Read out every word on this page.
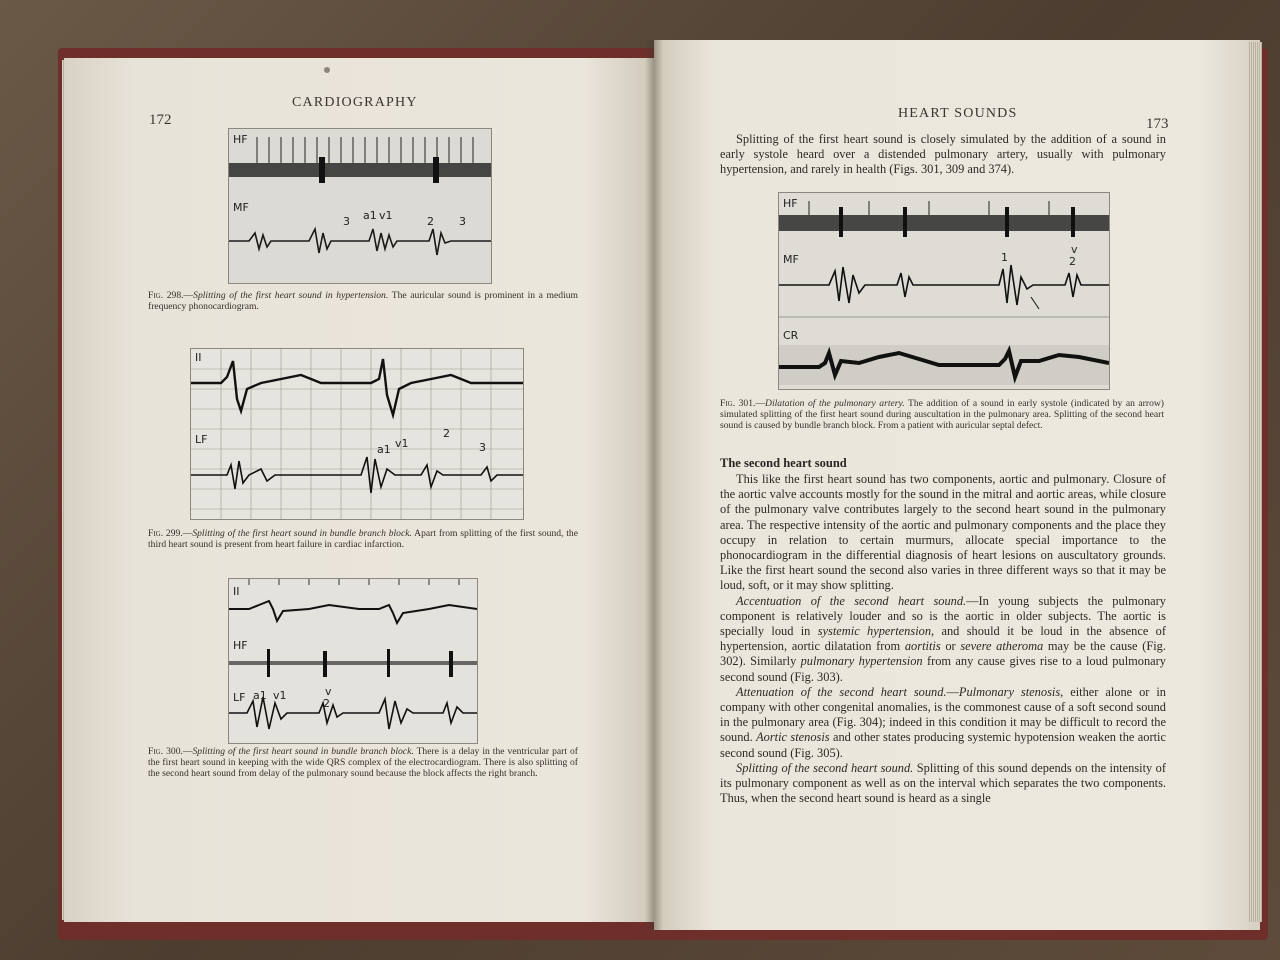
172
CARDIOGRAPHY
HF
MF
3 a1 v1	2 3
Fig. 298.—Splitting of the first heart sound in hypertension. The auricular sound is prominent in a medium frequency phonocardiogram.
II
LF
a1 v1
2
3
Fig. 299.—Splitting of the first heart sound in bundle branch block. Apart from splitting of the first sound, the third heart sound is present from heart failure in cardiac infarction.
II
HF
LF a1 v1	v
2
Fig. 300.—Splitting of the first heart sound in bundle branch block. There is a delay in the ventricular part of the first heart sound in keeping with the wide QRS complex of the electrocardiogram. There is also splitting of the second heart sound from delay of the pulmonary sound because the block affects the right branch.
HEART SOUNDS
173

Splitting of the first heart sound is closely simulated by the addition of a sound in early systole heard over a distended pulmonary artery, usually with pulmonary hypertension, and rarely in health (Figs. 301, 309 and 374).

HF
MF
CR
1
v
2
Fig. 301.—Dilatation of the pulmonary artery. The addition of a sound in early systole (indicated by an arrow) simulated splitting of the first heart sound during auscultation in the pulmonary area. Splitting of the second heart sound is caused by bundle branch block. From a patient with auricular septal defect.
The second heart sound

This like the first heart sound has two components, aortic and pulmonary. Closure of the aortic valve accounts mostly for the sound in the mitral and aortic areas, while closure of the pulmonary valve contributes largely to the second heart sound in the pulmonary area. The respective intensity of the aortic and pulmonary components and the place they occupy in relation to certain murmurs, allocate special importance to the phonocardiogram in the differential diagnosis of heart lesions on auscultatory grounds. Like the first heart sound the second also varies in three different ways so that it may be loud, soft, or it may show splitting.

Accentuation of the second heart sound.—In young subjects the pulmonary component is relatively louder and so is the aortic in older subjects. The aortic is specially loud in systemic hypertension, and should it be loud in the absence of hypertension, aortic dilatation from aortitis or severe atheroma may be the cause (Fig. 302). Similarly pulmonary hypertension from any cause gives rise to a loud pulmonary second sound (Fig. 303).

Attenuation of the second heart sound.—Pulmonary stenosis, either alone or in company with other congenital anomalies, is the commonest cause of a soft second sound in the pulmonary area (Fig. 304); indeed in this condition it may be difficult to record the sound. Aortic stenosis and other states producing systemic hypotension weaken the aortic second sound (Fig. 305).

Splitting of the second heart sound. Splitting of this sound depends on the intensity of its pulmonary component as well as on the interval which separates the two components. Thus, when the second heart sound is heard as a single
